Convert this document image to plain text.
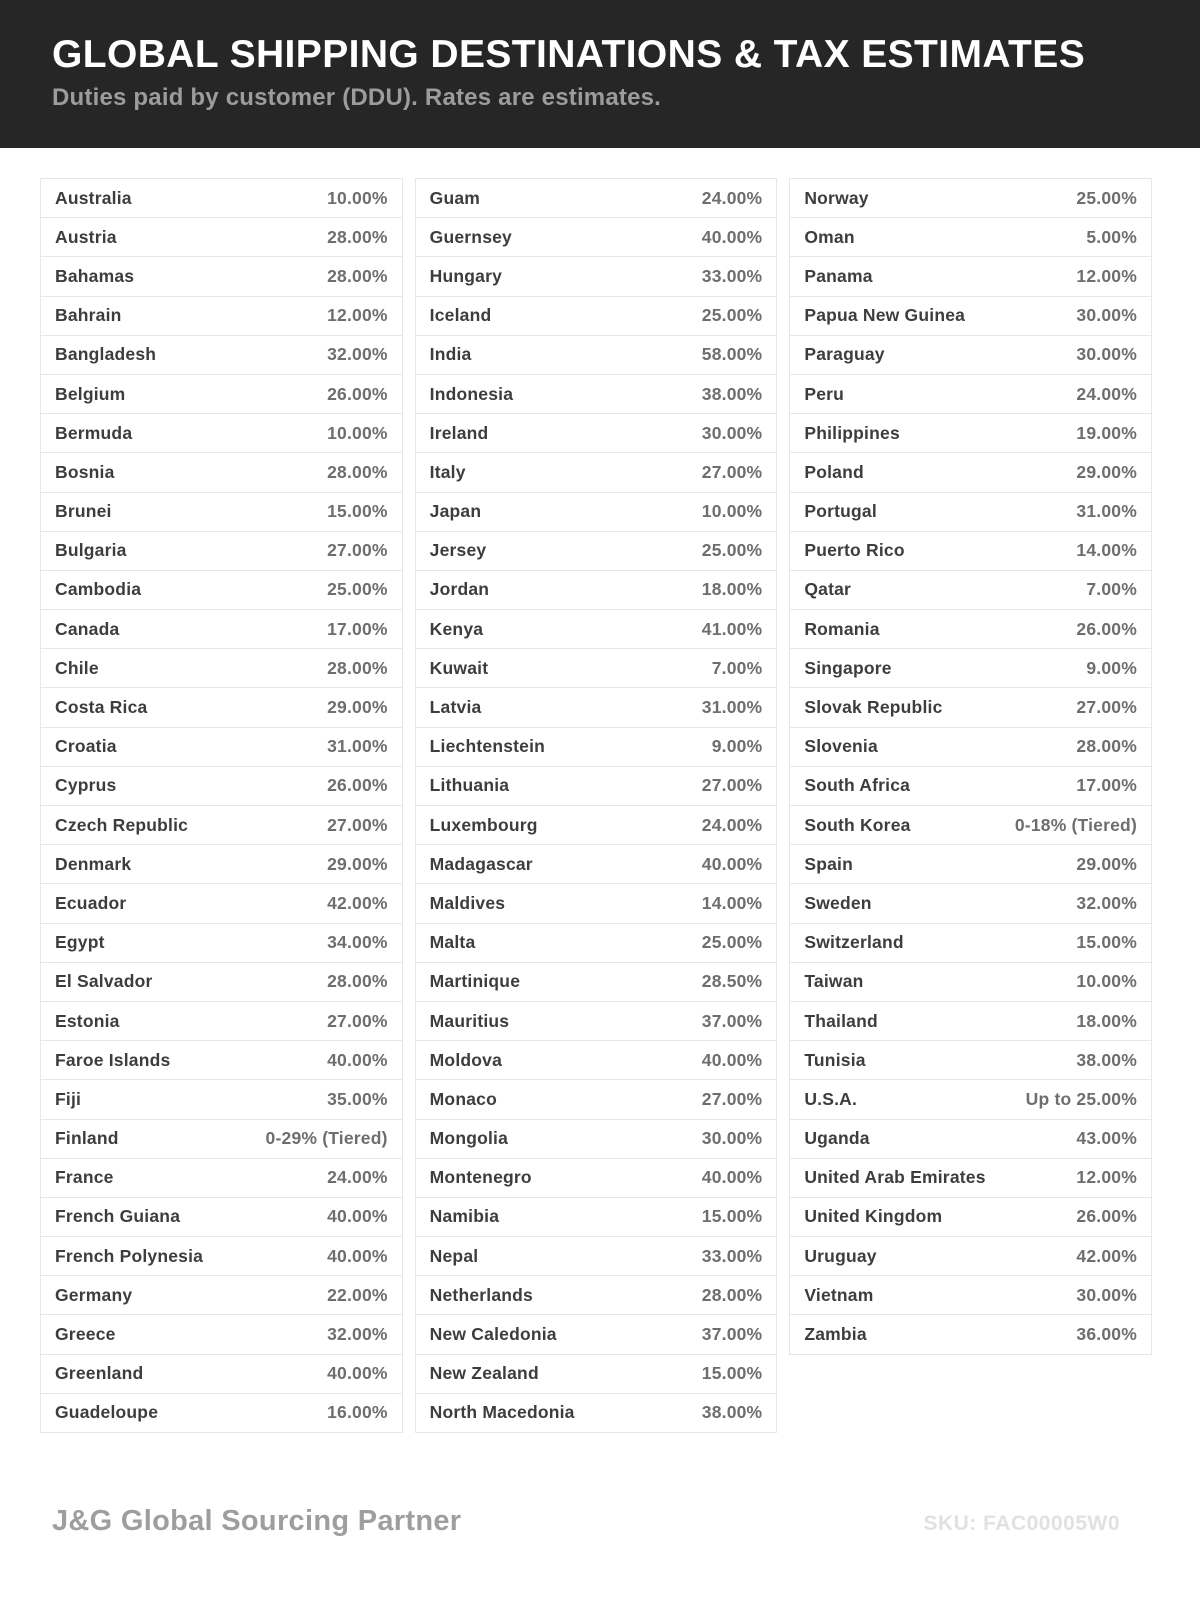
GLOBAL SHIPPING DESTINATIONS & TAX ESTIMATES

Duties paid by customer (DDU). Rates are estimates.

Australia	10.00%
Austria	28.00%
Bahamas	28.00%
Bahrain	12.00%
Bangladesh	32.00%
Belgium	26.00%
Bermuda	10.00%
Bosnia	28.00%
Brunei	15.00%
Bulgaria	27.00%
Cambodia	25.00%
Canada	17.00%
Chile	28.00%
Costa Rica	29.00%
Croatia	31.00%
Cyprus	26.00%
Czech Republic	27.00%
Denmark	29.00%
Ecuador	42.00%
Egypt	34.00%
El Salvador	28.00%
Estonia	27.00%
Faroe Islands	40.00%
Fiji	35.00%
Finland	0-29% (Tiered)
France	24.00%
French Guiana	40.00%
French Polynesia	40.00%
Germany	22.00%
Greece	32.00%
Greenland	40.00%
Guadeloupe	16.00%
Guam	24.00%
Guernsey	40.00%
Hungary	33.00%
Iceland	25.00%
India	58.00%
Indonesia	38.00%
Ireland	30.00%
Italy	27.00%
Japan	10.00%
Jersey	25.00%
Jordan	18.00%
Kenya	41.00%
Kuwait	7.00%
Latvia	31.00%
Liechtenstein	9.00%
Lithuania	27.00%
Luxembourg	24.00%
Madagascar	40.00%
Maldives	14.00%
Malta	25.00%
Martinique	28.50%
Mauritius	37.00%
Moldova	40.00%
Monaco	27.00%
Mongolia	30.00%
Montenegro	40.00%
Namibia	15.00%
Nepal	33.00%
Netherlands	28.00%
New Caledonia	37.00%
New Zealand	15.00%
North Macedonia	38.00%
Norway	25.00%
Oman	5.00%
Panama	12.00%
Papua New Guinea	30.00%
Paraguay	30.00%
Peru	24.00%
Philippines	19.00%
Poland	29.00%
Portugal	31.00%
Puerto Rico	14.00%
Qatar	7.00%
Romania	26.00%
Singapore	9.00%
Slovak Republic	27.00%
Slovenia	28.00%
South Africa	17.00%
South Korea	0-18% (Tiered)
Spain	29.00%
Sweden	32.00%
Switzerland	15.00%
Taiwan	10.00%
Thailand	18.00%
Tunisia	38.00%
U.S.A.	Up to 25.00%
Uganda	43.00%
United Arab Emirates	12.00%
United Kingdom	26.00%
Uruguay	42.00%
Vietnam	30.00%
Zambia	36.00%
J&G Global Sourcing Partner	SKU: FAC00005W0
